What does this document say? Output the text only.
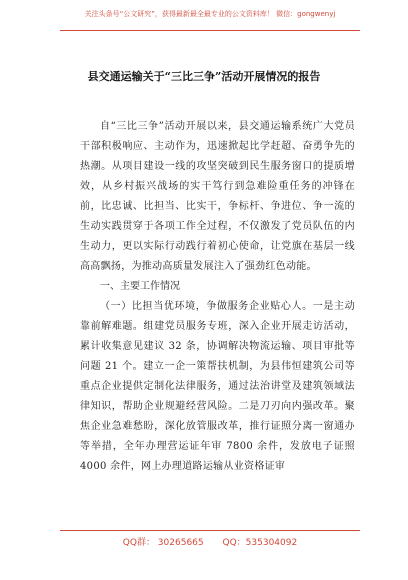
关注头条号“公文研究”，获得最新最全最专业的公文资料库！ 微信：gongwenyj
县交通运输关于“三比三争”活动开展情况的报告

自“三比三争”活动开展以来，县交通运输系统广大党员干部积极响应、主动作为，迅速掀起比学赶超、奋勇争先的热潮。从项目建设一线的攻坚突破到民生服务窗口的提质增效，从乡村振兴战场的实干笃行到急难险重任务的冲锋在前，比忠诚、比担当、比实干，争标杆、争进位、争一流的生动实践贯穿于各项工作全过程，不仅激发了党员队伍的内生动力，更以实际行动践行着初心使命，让党旗在基层一线高高飘扬，为推动高质量发展注入了强劲红色动能。

一、主要工作情况

（一）比担当优环境，争做服务企业贴心人。一是主动靠前解难题。组建党员服务专班，深入企业开展走访活动，累计收集意见建议 32 条，协调解决物流运输、项目审批等问题 21 个。建立一企一策帮扶机制，为县伟恒建筑公司等重点企业提供定制化法律服务，通过法治讲堂及建筑领域法律知识，帮助企业规避经营风险。二是刀刃向内强改革。聚焦企业急难愁盼，深化放管服改革，推行证照分离一窗通办等举措，全年办理营运证年审 7800 余件，发放电子证照 4000 余件，网上办理道路运输从业资格证审

QQ群： 30265665 QQ：535304092
